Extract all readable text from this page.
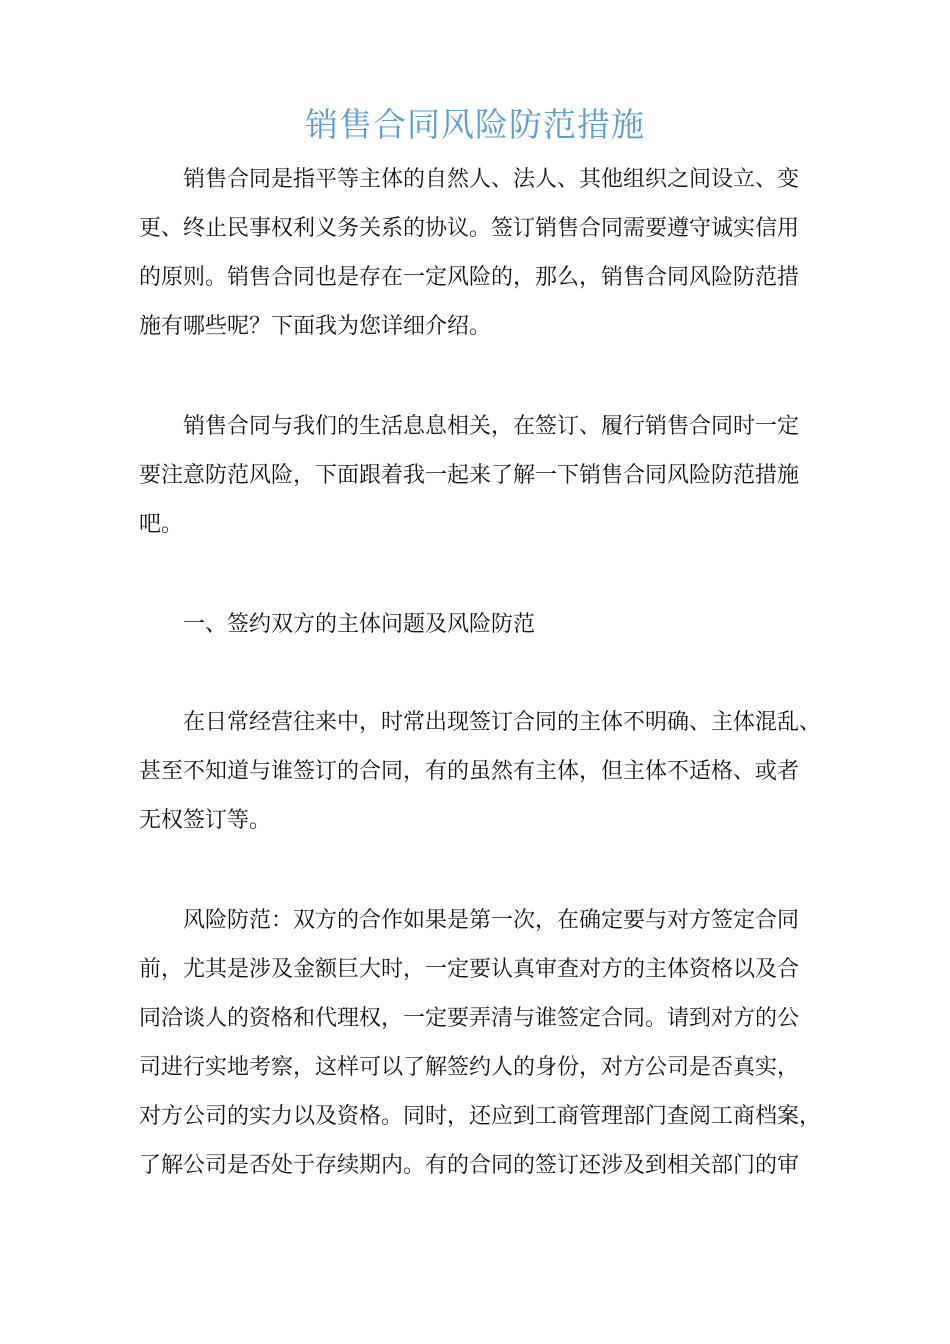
销售合同风险防范措施
销售合同是指平等主体的自然人、法人、其他组织之间设立、变
更、终止民事权利义务关系的协议。签订销售合同需要遵守诚实信用
的原则。销售合同也是存在一定风险的，那么，销售合同风险防范措
施有哪些呢？下面我为您详细介绍。
销售合同与我们的生活息息相关，在签订、履行销售合同时一定
要注意防范风险，下面跟着我一起来了解一下销售合同风险防范措施
吧。
一、签约双方的主体问题及风险防范
在日常经营往来中，时常出现签订合同的主体不明确、主体混乱、
甚至不知道与谁签订的合同，有的虽然有主体，但主体不适格、或者
无权签订等。
风险防范：双方的合作如果是第一次，在确定要与对方签定合同
前，尤其是涉及金额巨大时，一定要认真审查对方的主体资格以及合
同洽谈人的资格和代理权，一定要弄清与谁签定合同。请到对方的公
司进行实地考察，这样可以了解签约人的身份，对方公司是否真实，
对方公司的实力以及资格。同时，还应到工商管理部门查阅工商档案，
了解公司是否处于存续期内。有的合同的签订还涉及到相关部门的审
